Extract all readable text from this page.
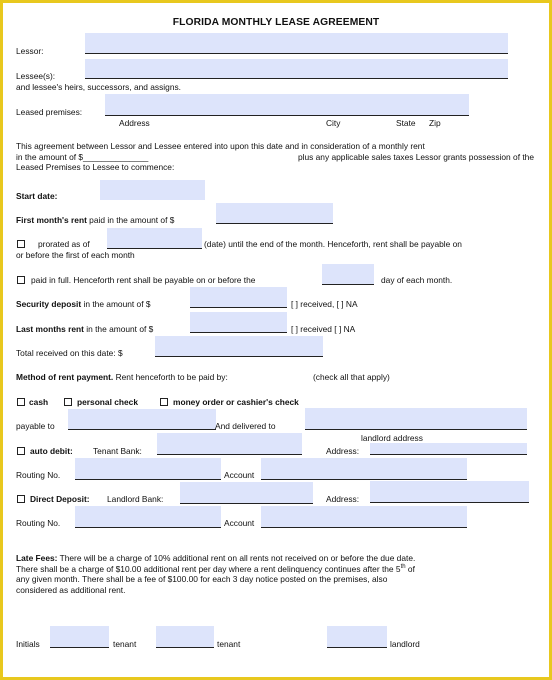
FLORIDA MONTHLY LEASE AGREEMENT
Lessor:
Lessee(s):
and lessee's heirs, successors, and assigns.
Leased premises:
Address	City	State Zip
This agreement between Lessor and Lessee entered into upon this date and in consideration of a monthly rent
in the amount of $______________	plus any applicable sales taxes Lessor grants possession of the
Leased Premises to Lessee to commence:
Start date:
First month's rent paid in the amount of $
prorated as of	(date) until the end of the month. Henceforth, rent shall be payable on
or before the first of each month
paid in full. Henceforth rent shall be payable on or before the	day of each month.
Security deposit in the amount of $	[ ] received, [ ] NA
Last months rent in the amount of $	[ ] received [ ] NA
Total received on this date: $
Method of rent payment. Rent henceforth to be paid by:	(check all that apply)
cash	personal check	money order or cashier's check
payable to	And delivered to
landlord address
auto debit: Tenant Bank:	Address:
Routing No.	Account
Direct Deposit: Landlord Bank:	Address:
Routing No.	Account
Late Fees: There will be a charge of 10% additional rent on all rents not received on or before the due date.
There shall be a charge of $10.00 additional rent per day where a rent delinquency continues after the 5th of
any given month. There shall be a fee of $100.00 for each 3 day notice posted on the premises, also
considered as additional rent.
Initials	tenant	tenant	landlord
